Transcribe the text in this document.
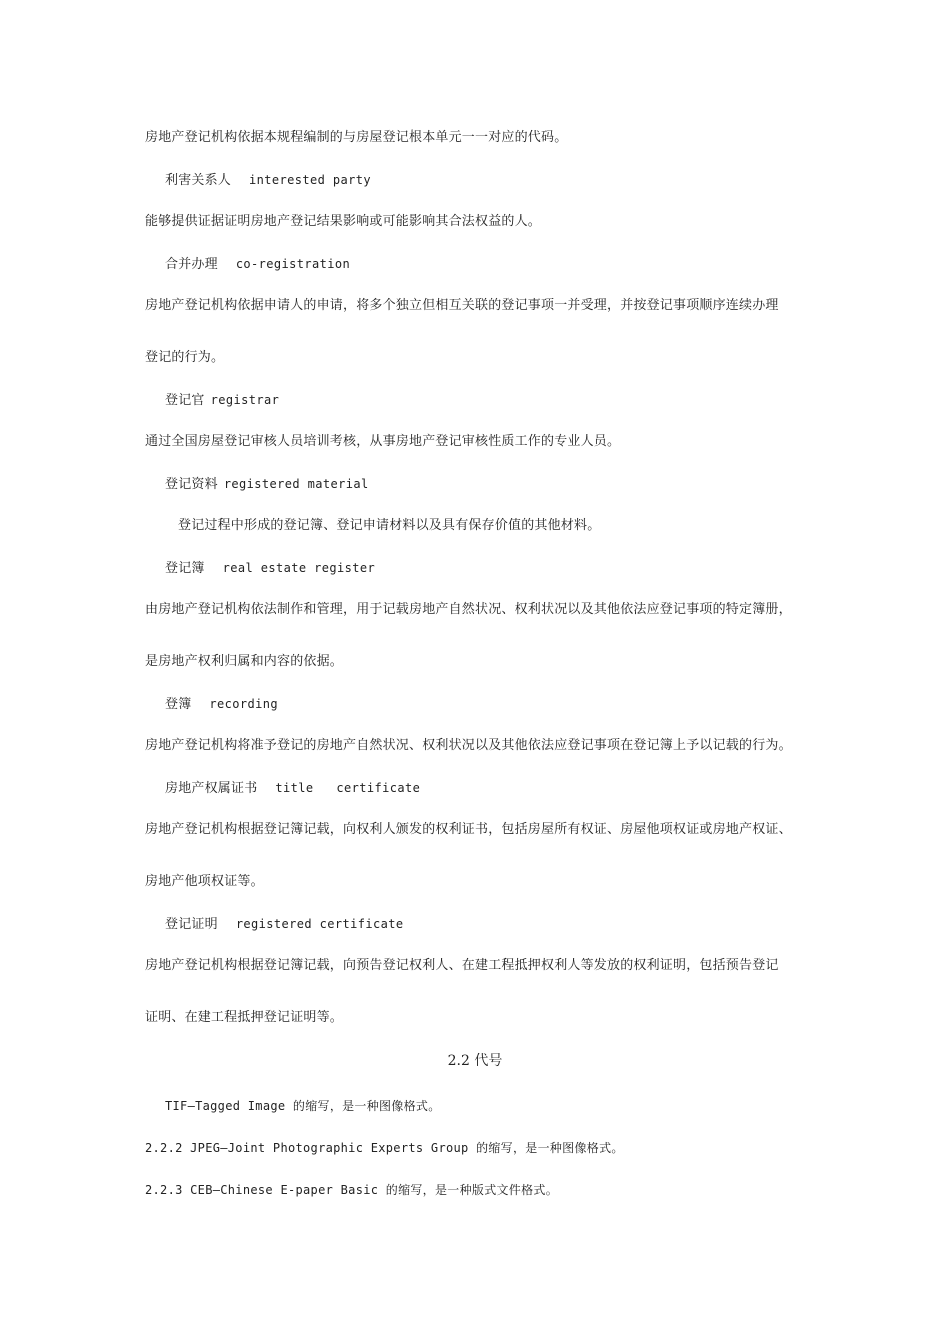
房地产登记机构依据本规程编制的与房屋登记根本单元一一对应的代码。

利害关系人 interested party

能够提供证据证明房地产登记结果影响或可能影响其合法权益的人。

合并办理 co-registration

房地产登记机构依据申请人的申请，将多个独立但相互关联的登记事项一并受理，并按登记事项顺序连续办理

登记的行为。

登记官 registrar

通过全国房屋登记审核人员培训考核，从事房地产登记审核性质工作的专业人员。

登记资料 registered material

登记过程中形成的登记簿、登记申请材料以及具有保存价值的其他材料。

登记簿 real estate register

由房地产登记机构依法制作和管理，用于记载房地产自然状况、权利状况以及其他依法应登记事项的特定簿册，

是房地产权利归属和内容的依据。

登簿 recording

房地产登记机构将准予登记的房地产自然状况、权利状况以及其他依法应登记事项在登记簿上予以记载的行为。

房地产权属证书 title   certificate

房地产登记机构根据登记簿记载，向权利人颁发的权利证书，包括房屋所有权证、房屋他项权证或房地产权证、

房地产他项权证等。

登记证明 registered certificate

房地产登记机构根据登记簿记载，向预告登记权利人、在建工程抵押权利人等发放的权利证明，包括预告登记

证明、在建工程抵押登记证明等。

2.2 代号

TIF—Tagged Image 的缩写，是一种图像格式。

2.2.2 JPEG—Joint Photographic Experts Group 的缩写，是一种图像格式。

2.2.3 CEB—Chinese E-paper Basic 的缩写，是一种版式文件格式。
